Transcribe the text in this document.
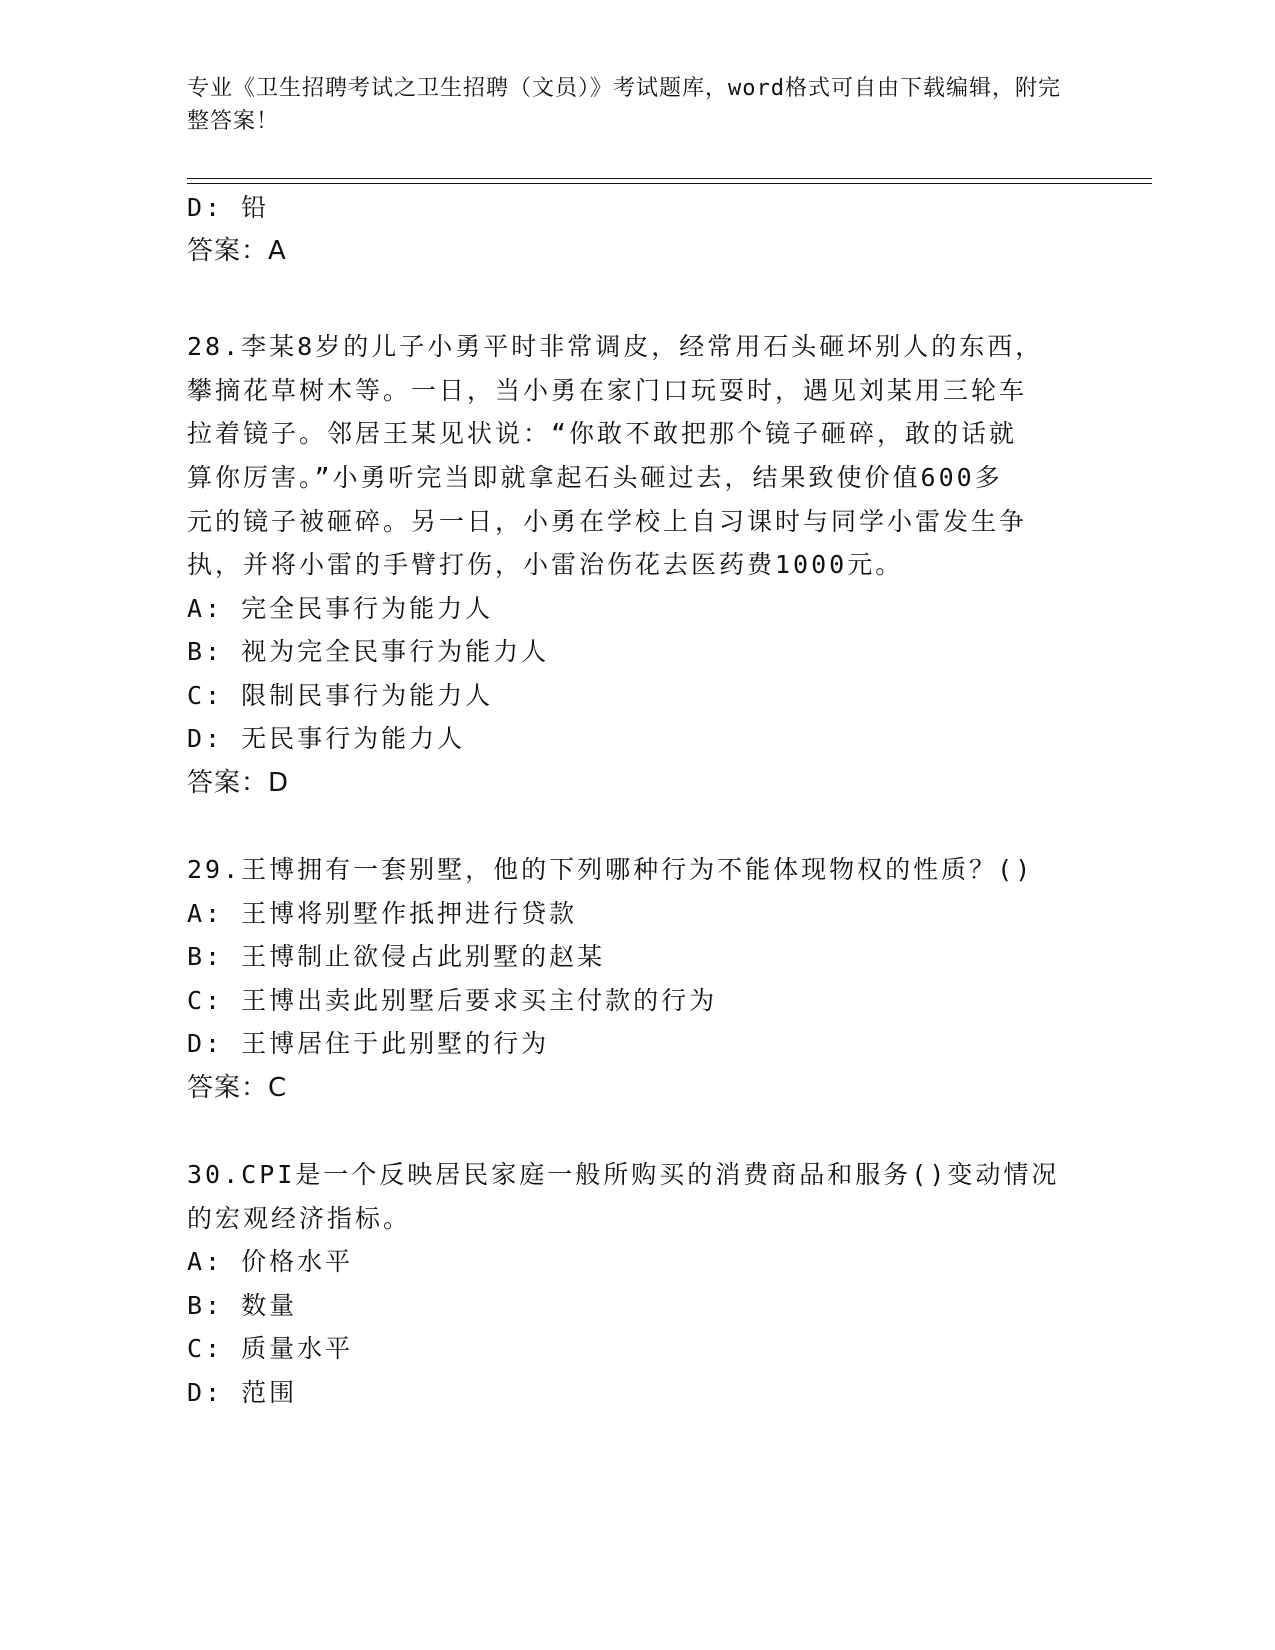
专业《卫生招聘考试之卫生招聘（文员）》考试题库，word格式可自由下载编辑，附完整答案！
D: 铅
答案：A
28.李某8岁的儿子小勇平时非常调皮，经常用石头砸坏别人的东西，
攀摘花草树木等。一日，当小勇在家门口玩耍时，遇见刘某用三轮车
拉着镜子。邻居王某见状说：“你敢不敢把那个镜子砸碎，敢的话就
算你厉害。”小勇听完当即就拿起石头砸过去，结果致使价值600多
元的镜子被砸碎。另一日，小勇在学校上自习课时与同学小雷发生争
执，并将小雷的手臂打伤，小雷治伤花去医药费1000元。
A: 完全民事行为能力人
B: 视为完全民事行为能力人
C: 限制民事行为能力人
D: 无民事行为能力人
答案：D
29.王博拥有一套别墅，他的下列哪种行为不能体现物权的性质？()
A: 王博将别墅作抵押进行贷款
B: 王博制止欲侵占此别墅的赵某
C: 王博出卖此别墅后要求买主付款的行为
D: 王博居住于此别墅的行为
答案：C
30.CPI是一个反映居民家庭一般所购买的消费商品和服务()变动情况
的宏观经济指标。
A: 价格水平
B: 数量
C: 质量水平
D: 范围
